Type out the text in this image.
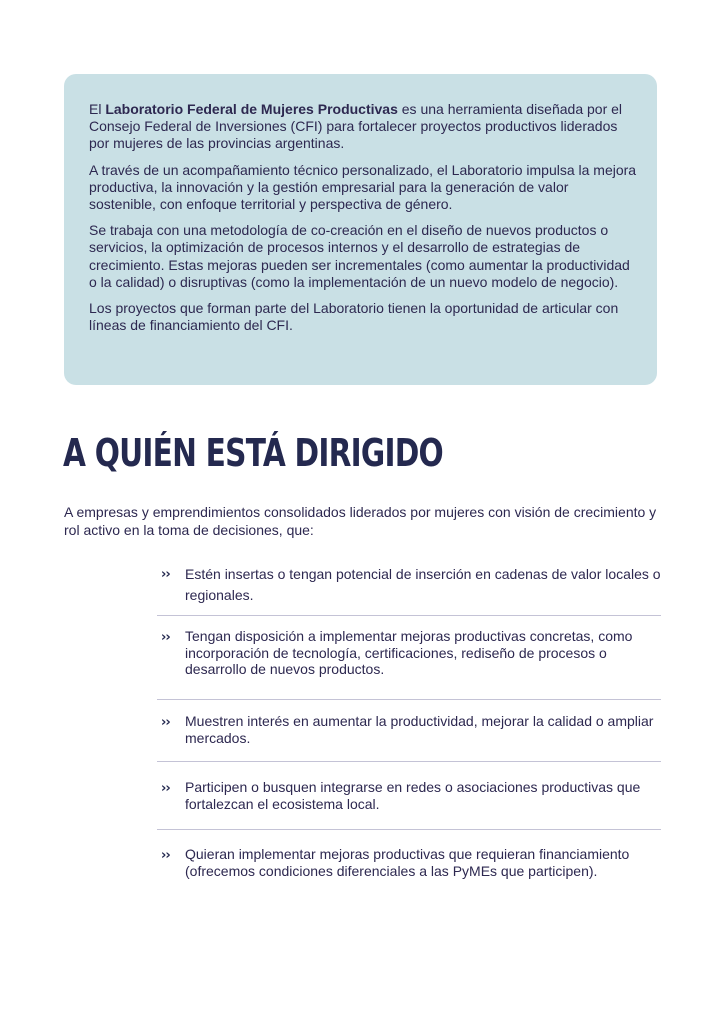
El Laboratorio Federal de Mujeres Productivas es una herramienta diseñada por el Consejo Federal de Inversiones (CFI) para fortalecer proyectos productivos liderados por mujeres de las provincias argentinas.

A través de un acompañamiento técnico personalizado, el Laboratorio impulsa la mejora productiva, la innovación y la gestión empresarial para la generación de valor sostenible, con enfoque territorial y perspectiva de género.

Se trabaja con una metodología de co-creación en el diseño de nuevos productos o servicios, la optimización de procesos internos y el desarrollo de estrategias de crecimiento. Estas mejoras pueden ser incrementales (como aumentar la productividad o la calidad) o disruptivas (como la implementación de un nuevo modelo de negocio).

Los proyectos que forman parte del Laboratorio tienen la oportunidad de articular con líneas de financiamiento del CFI.

A QUIÉN ESTÁ DIRIGIDO

A empresas y emprendimientos consolidados liderados por mujeres con visión de crecimiento y rol activo en la toma de decisiones, que:

›› Estén insertas o tengan potencial de inserción en cadenas de valor locales o regionales.
›› Tengan disposición a implementar mejoras productivas concretas, como incorporación de tecnología, certificaciones, rediseño de procesos o desarrollo de nuevos productos.
›› Muestren interés en aumentar la productividad, mejorar la calidad o ampliar mercados.
›› Participen o busquen integrarse en redes o asociaciones productivas que fortalezcan el ecosistema local.
›› Quieran implementar mejoras productivas que requieran financiamiento (ofrecemos condiciones diferenciales a las PyMEs que participen).
